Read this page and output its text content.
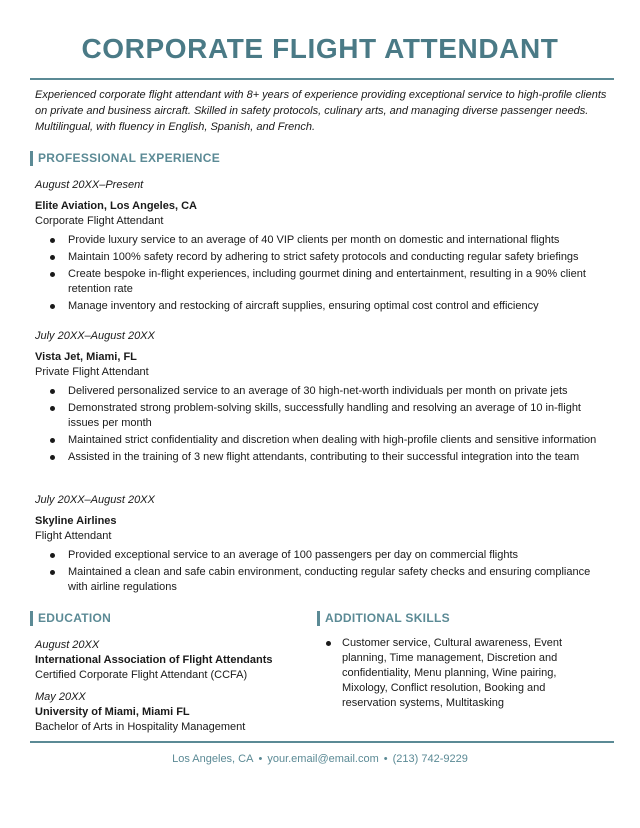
CORPORATE FLIGHT ATTENDANT
Experienced corporate flight attendant with 8+ years of experience providing exceptional service to high-profile clients on private and business aircraft. Skilled in safety protocols, culinary arts, and managing diverse passenger needs. Multilingual, with fluency in English, Spanish, and French.
PROFESSIONAL EXPERIENCE
August 20XX–Present
Elite Aviation, Los Angeles, CA
Corporate Flight Attendant
Provide luxury service to an average of 40 VIP clients per month on domestic and international flights
Maintain 100% safety record by adhering to strict safety protocols and conducting regular safety briefings
Create bespoke in-flight experiences, including gourmet dining and entertainment, resulting in a 90% client retention rate
Manage inventory and restocking of aircraft supplies, ensuring optimal cost control and efficiency
July 20XX–August 20XX
Vista Jet, Miami, FL
Private Flight Attendant
Delivered personalized service to an average of 30 high-net-worth individuals per month on private jets
Demonstrated strong problem-solving skills, successfully handling and resolving an average of 10 in-flight issues per month
Maintained strict confidentiality and discretion when dealing with high-profile clients and sensitive information
Assisted in the training of 3 new flight attendants, contributing to their successful integration into the team
July 20XX–August 20XX
Skyline Airlines
Flight Attendant
Provided exceptional service to an average of 100 passengers per day on commercial flights
Maintained a clean and safe cabin environment, conducting regular safety checks and ensuring compliance with airline regulations
EDUCATION
August 20XX
International Association of Flight Attendants
Certified Corporate Flight Attendant (CCFA)
May 20XX
University of Miami, Miami FL
Bachelor of Arts in Hospitality Management
ADDITIONAL SKILLS
Customer service, Cultural awareness, Event planning, Time management, Discretion and confidentiality, Menu planning, Wine pairing, Mixology, Conflict resolution, Booking and reservation systems, Multitasking
Los Angeles, CA • your.email@email.com • (213) 742-9229
